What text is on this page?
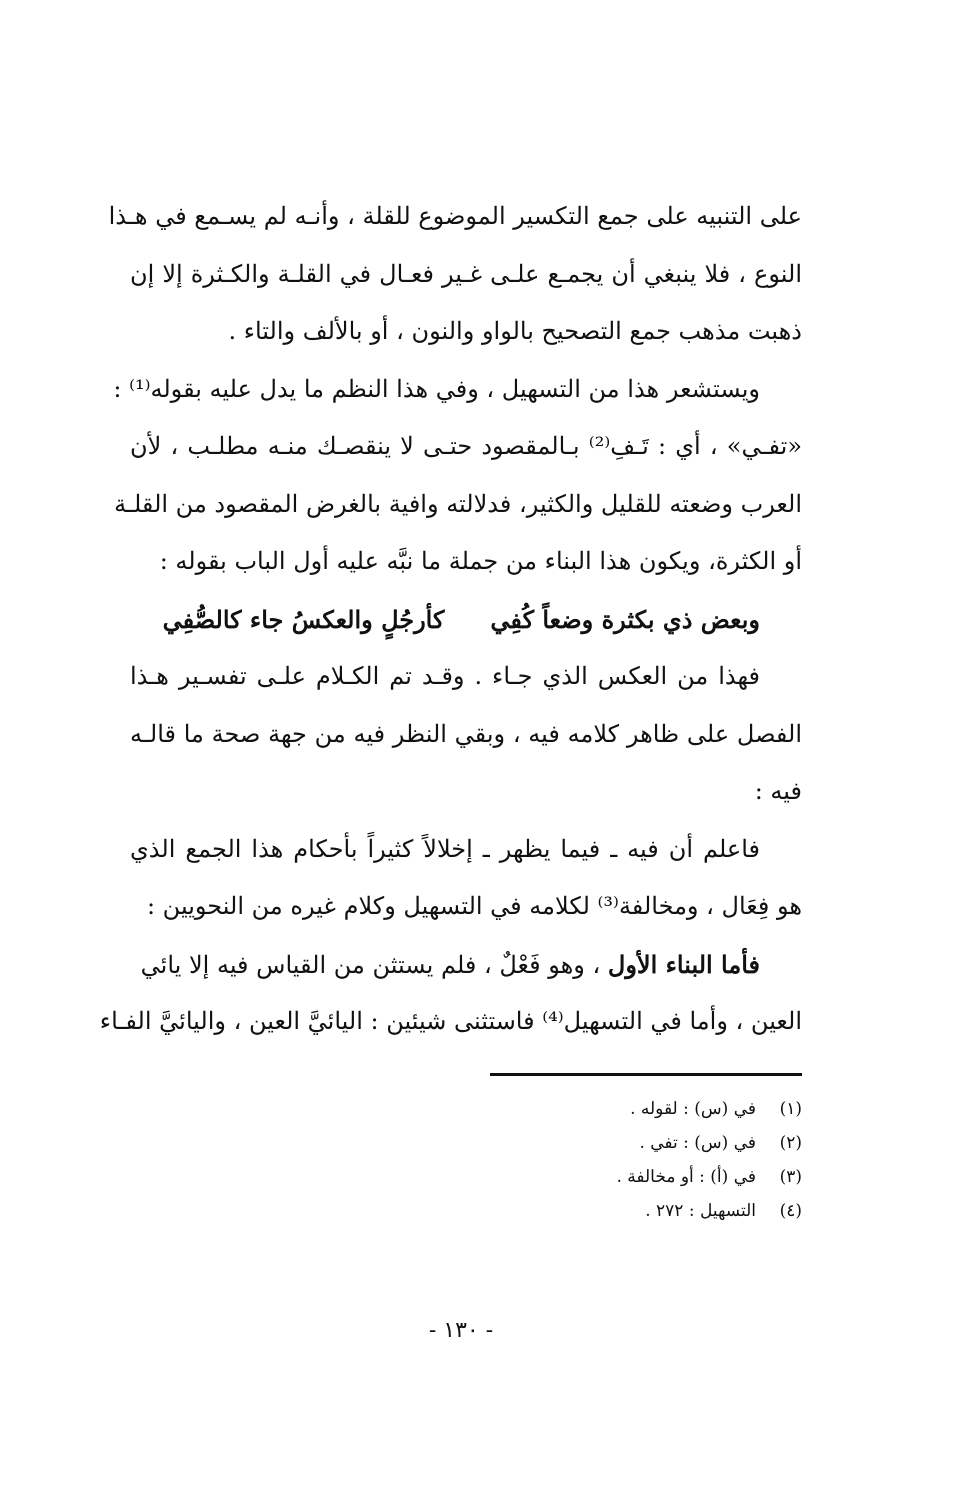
على التنبيه على جمع التكسير الموضوع للقلة ، وأنـه لم يسـمع في هـذا
النوع ، فلا ينبغي أن يجمـع علـى غـير فعـال في القلـة والكـثرة إلا إن
ذهبت مذهب جمع التصحيح بالواو والنون ، أو بالألف والتاء .
ويستشعر هذا من التسهيل ، وفي هذا النظم ما يدل عليه بقوله⁽¹⁾ :
«تفـي» ، أي : تَـفِ⁽²⁾ بـالمقصود حتـى لا ينقصـك منـه مطلـب ، لأن
العرب وضعته للقليل والكثير، فدلالته وافية بالغرض المقصود من القلـة
أو الكثرة، ويكون هذا البناء من جملة ما نبَّه عليه أول الباب بقوله :
وبعض ذي بكثرة وضعاً كُفِي
كأرجُلٍ والعكسُ جاء كالصُّفِي
فهذا من العكس الذي جـاء . وقـد تم الكـلام علـى تفسـير هـذا
الفصل على ظاهر كلامه فيه ، وبقي النظر فيه من جهة صحة ما قالـه
فيه :
فاعلم أن فيه ـ فيما يظهر ـ إخلالاً كثيراً بأحكام هذا الجمع الذي
هو فِعَال ، ومخالفة⁽³⁾ لكلامه في التسهيل وكلام غيره من النحويين :
فأما البناء الأول ، وهو فَعْلٌ ، فلم يستثن من القياس فيه إلا يائي
العين ، وأما في التسهيل⁽⁴⁾ فاستثنى شيئين : اليائيَّ العين ، واليائيَّ الفـاء
(١)
في (س) : لقوله .
(٢)
في (س) : تفي .
(٣)
في (أ) : أو مخالفة .
(٤)
التسهيل : ٢٧٢ .
- ١٣٠ -
